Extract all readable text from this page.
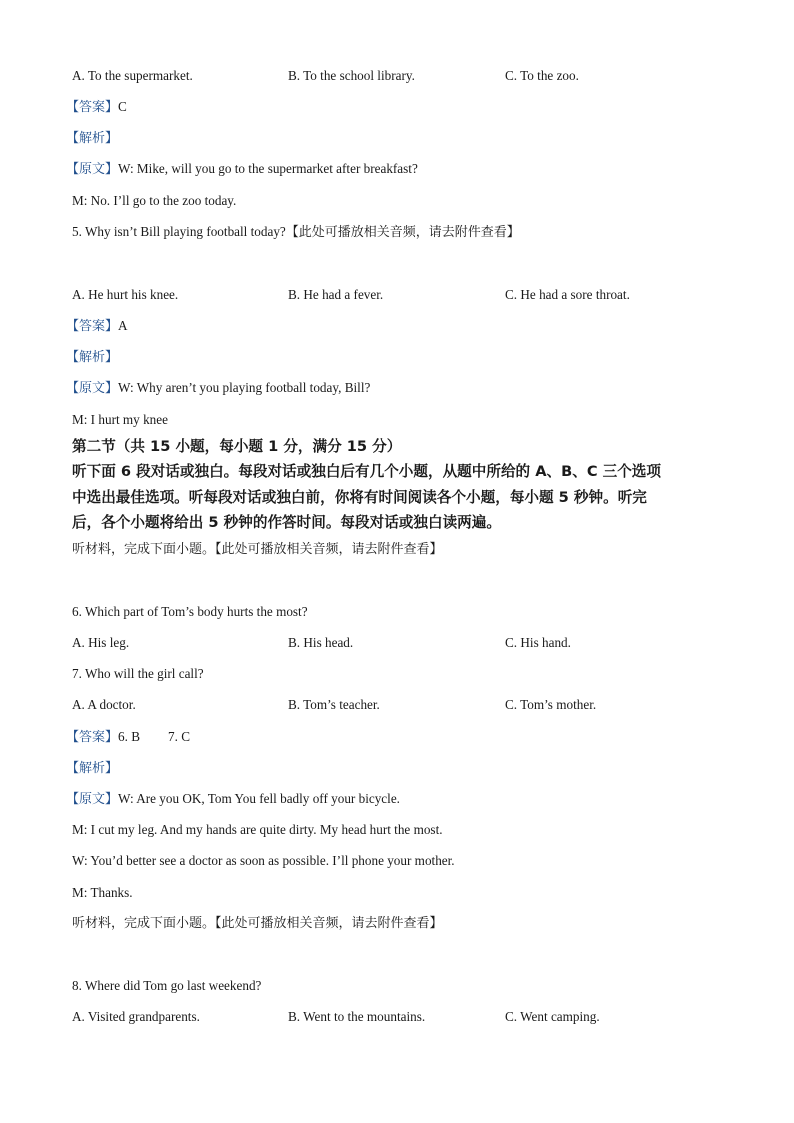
A. To the supermarket.	B. To the school library.	C. To the zoo.
【答案】C
【解析】
【原文】W: Mike, will you go to the supermarket after breakfast?
M: No. I’ll go to the zoo today.
5. Why isn’t Bill playing football today?【此处可播放相关音频，请去附件查看】
A. He hurt his knee.	B. He had a fever.	C. He had a sore throat.
【答案】A
【解析】
【原文】W: Why aren’t you playing football today, Bill?
M: I hurt my knee
第二节（共 15 小题，每小题 1 分，满分 15 分）
听下面 6 段对话或独白。每段对话或独白后有几个小题，从题中所给的 A、B、C 三个选项
中选出最佳选项。听每段对话或独白前，你将有时间阅读各个小题，每小题 5 秒钟。听完
后，各个小题将给出 5 秒钟的作答时间。每段对话或独白读两遍。
听材料，完成下面小题。【此处可播放相关音频，请去附件查看】
6. Which part of Tom’s body hurts the most?
A. His leg.	B. His head.	C. His hand.
7. Who will the girl call?
A. A doctor.	B. Tom’s teacher.	C. Tom’s mother.
【答案】6. B 7. C
【解析】
【原文】W: Are you OK, Tom You fell badly off your bicycle.
M: I cut my leg. And my hands are quite dirty. My head hurt the most.
W: You’d better see a doctor as soon as possible. I’ll phone your mother.
M: Thanks.
听材料，完成下面小题。【此处可播放相关音频，请去附件查看】
8. Where did Tom go last weekend?
A. Visited grandparents.	B. Went to the mountains.	C. Went camping.
